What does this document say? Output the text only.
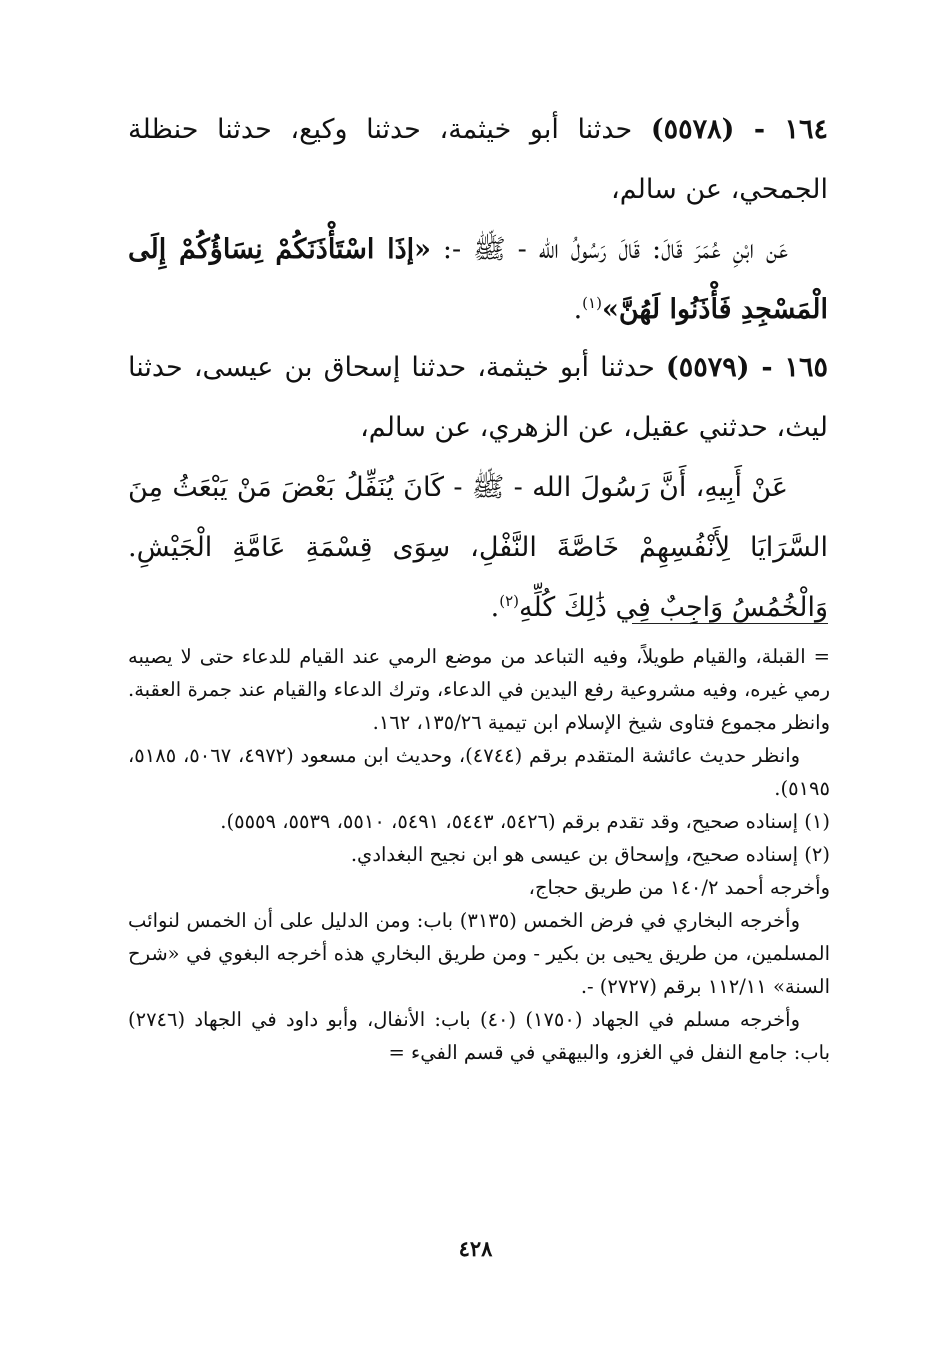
١٦٤ - (٥٥٧٨) حدثنا أبو خيثمة، حدثنا وكيع، حدثنا حنظلة الجمحي، عن سالم،

عَن ابْنِ عُمَرَ قَالَ: قَالَ رَسُولُ الله - ﷺ -: «إذَا اسْتَأْذَنَكُمْ نِسَاؤُكُمْ إِلَى الْمَسْجِدِ فَأْذَنُوا لَهُنَّ»$^{(١)}$.

١٦٥ - (٥٥٧٩) حدثنا أبو خيثمة، حدثنا إسحاق بن عيسى، حدثنا ليث، حدثني عقيل، عن الزهري، عن سالم،

عَنْ أَبِيهِ، أَنَّ رَسُولَ الله - ﷺ - كَانَ يُنَفِّلُ بَعْضَ مَنْ يَبْعَثُ مِنَ السَّرَايَا لِأَنْفُسِهِمْ خَاصَّةَ النَّفْلِ، سِوَى قِسْمَةِ عَامَّةِ الْجَيْشِ. وَالْخُمُسُ وَاجِبٌ فِي ذَٰلِكَ كُلِّهِ$^{(٢)}$.

= القبلة، والقيام طويلاً، وفيه التباعد من موضع الرمي عند القيام للدعاء حتى لا يصيبه رمي غيره، وفيه مشروعية رفع اليدين في الدعاء، وترك الدعاء والقيام عند جمرة العقبة. وانظر مجموع فتاوى شيخ الإسلام ابن تيمية ١٣٥/٢٦، ١٦٢.

وانظر حديث عائشة المتقدم برقم (٤٧٤٤)، وحديث ابن مسعود (٤٩٧٢، ٥٠٦٧، ٥١٨٥، ٥١٩٥).

(١) إسناده صحيح، وقد تقدم برقم (٥٤٢٦، ٥٤٤٣، ٥٤٩١، ٥٥١٠، ٥٥٣٩، ٥٥٥٩).

(٢) إسناده صحيح، وإسحاق بن عيسى هو ابن نجيح البغدادي.

وأخرجه أحمد ١٤٠/٢ من طريق حجاج،

وأخرجه البخاري في فرض الخمس (٣١٣٥) باب: ومن الدليل على أن الخمس لنوائب المسلمين، من طريق يحيى بن بكير - ومن طريق البخاري هذه أخرجه البغوي في «شرح السنة» ١١٢/١١ برقم (٢٧٢٧) -.

وأخرجه مسلم في الجهاد (١٧٥٠) (٤٠) باب: الأنفال، وأبو داود في الجهاد (٢٧٤٦) باب: جامع النفل في الغزو، والبيهقي في قسم الفيء =

٤٢٨
